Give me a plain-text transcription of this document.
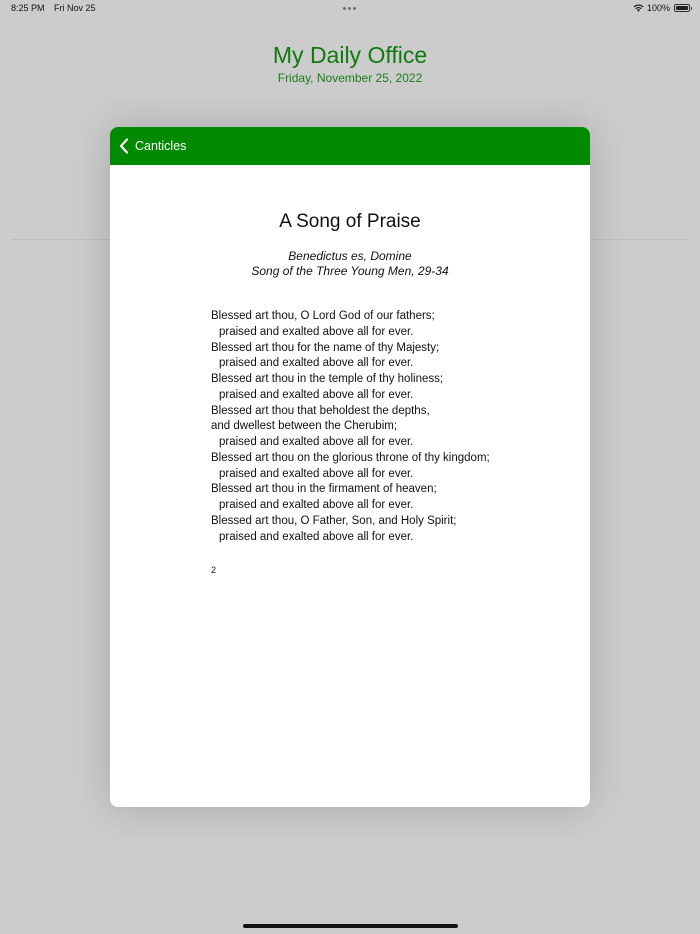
8:25 PM Fri Nov 25	100%
My Daily Office
Friday, November 25, 2022
Canticles
A Song of Praise
Benedictus es, Domine
Song of the Three Young Men, 29-34
Blessed art thou, O Lord God of our fathers;
praised and exalted above all for ever.
Blessed art thou for the name of thy Majesty;
praised and exalted above all for ever.
Blessed art thou in the temple of thy holiness;
praised and exalted above all for ever.
Blessed art thou that beholdest the depths,
and dwellest between the Cherubim;
praised and exalted above all for ever.
Blessed art thou on the glorious throne of thy kingdom;
praised and exalted above all for ever.
Blessed art thou in the firmament of heaven;
praised and exalted above all for ever.
Blessed art thou, O Father, Son, and Holy Spirit;
praised and exalted above all for ever.
2
